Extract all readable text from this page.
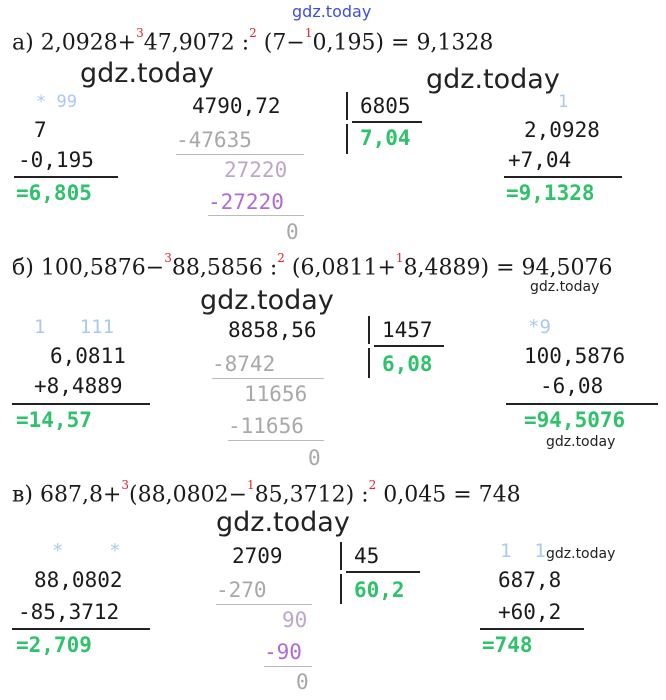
gdz.today
а) 2,0928+$^3$47,9072 :$^2$ (7−$^1$0,195) = 9,1328
gdz.today	gdz.today
* 99
7
-0,195
=6,805
4790,72	6805
7,04
-47635
27220
-27220
0
1
2,0928
+7,04
=9,1328
б) 100,5876−$^3$88,5856 :$^2$ (6,0811+$^1$8,4889) = 94,5076
gdz.today
gdz.today
1   111
6,0811
+8,4889
=14,57
8858,56	1457
6,08
-8742
11656
-11656
0
*9
100,5876
-6,08
=94,5076
gdz.today
в) 687,8+$^3$(88,0802−$^1$85,3712) :$^2$ 0,045 = 748
gdz.today
*    *
88,0802
-85,3712
=2,709
2709	45
60,2
-270
90
-90
0
1  1 gdz.today
687,8
+60,2
=748
